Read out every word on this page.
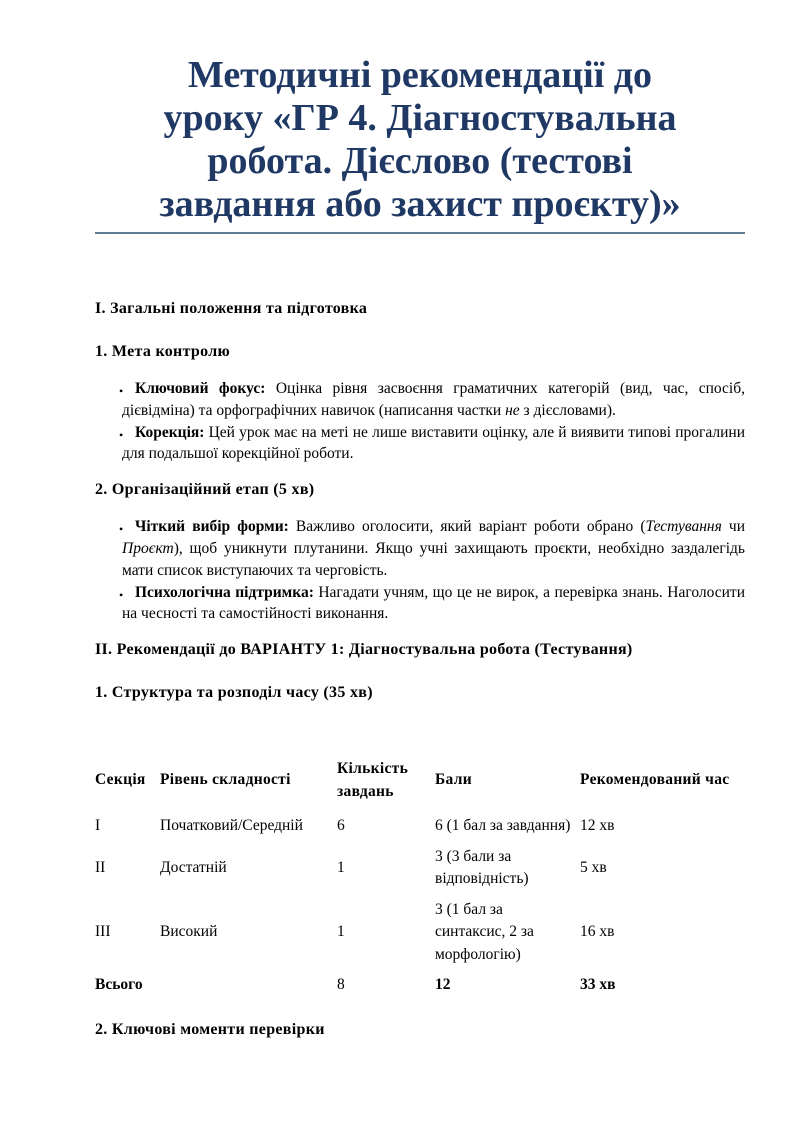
Методичні рекомендації до
уроку «ГР 4. Діагностувальна
робота. Дієслово (тестові
завдання або захист проєкту)»
І. Загальні положення та підготовка
1. Мета контролю
• Ключовий фокус: Оцінка рівня засвоєння граматичних категорій (вид, час, спосіб, дієвідміна) та орфографічних навичок (написання частки не з дієсловами).
• Корекція: Цей урок має на меті не лише виставити оцінку, але й виявити типові прогалини для подальшої корекційної роботи.
2. Організаційний етап (5 хв)
• Чіткий вибір форми: Важливо оголосити, який варіант роботи обрано (Тестування чи Проєкт), щоб уникнути плутанини. Якщо учні захищають проєкти, необхідно заздалегідь мати список виступаючих та черговість.
• Психологічна підтримка: Нагадати учням, що це не вирок, а перевірка знань. Наголосити на чесності та самостійності виконання.
ІІ. Рекомендації до ВАРІАНТУ 1: Діагностувальна робота (Тестування)
1. Структура та розподіл часу (35 хв)
Секція	Рівень складності	Кількість завдань	Бали	Рекомендований час
І	Початковий/Середній	6	6 (1 бал за завдання)	12 хв
ІІ	Достатній	1	3 (3 бали за відповідність)	5 хв
ІІІ	Високий	1	3 (1 бал за синтаксис, 2 за морфологію)	16 хв
Всього		8	12	33 хв
2. Ключові моменти перевірки
